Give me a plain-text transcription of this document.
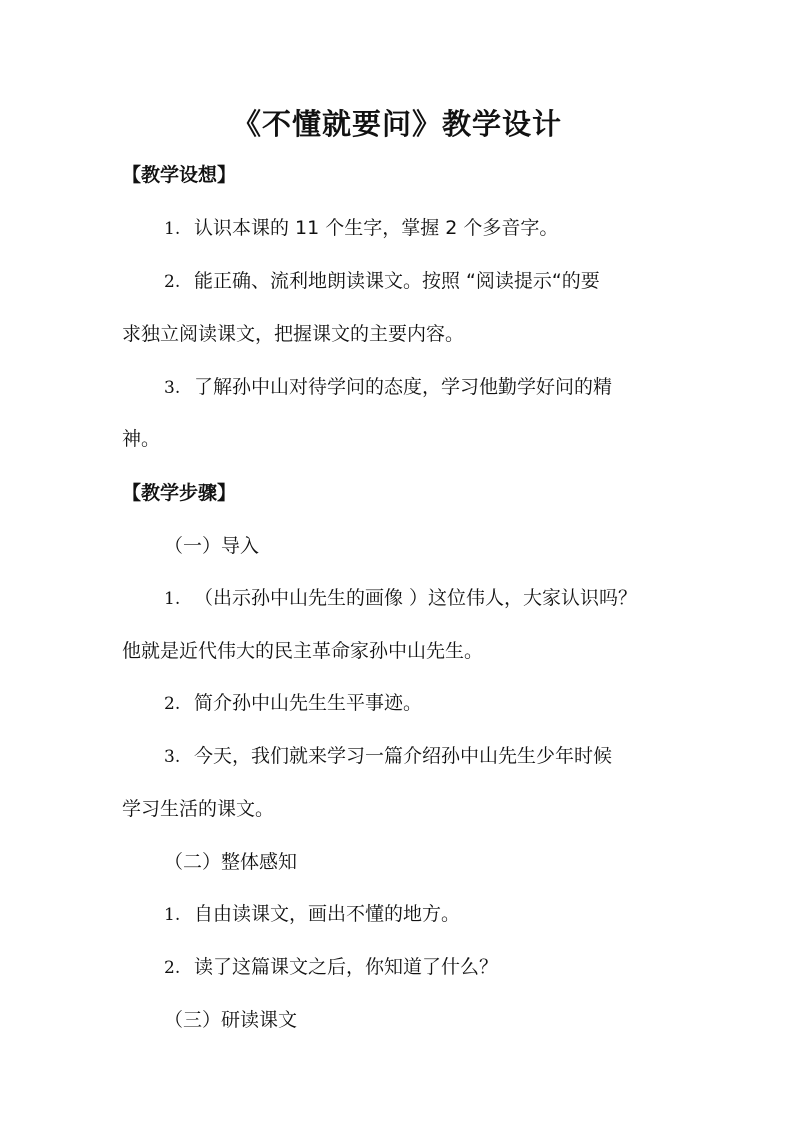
《不懂就要问》教学设计
【教学设想】
1. 认识本课的 11 个生字，掌握 2 个多音字。
2. 能正确、流利地朗读课文。按照 “阅读提示“的要
求独立阅读课文，把握课文的主要内容。
3. 了解孙中山对待学问的态度，学习他勤学好问的精
神。
【教学步骤】
（一）导入
1. （出示孙中山先生的画像 ）这位伟人，大家认识吗？
他就是近代伟大的民主革命家孙中山先生。
2. 简介孙中山先生生平事迹。
3. 今天，我们就来学习一篇介绍孙中山先生少年时候
学习生活的课文。
（二）整体感知
1. 自由读课文，画出不懂的地方。
2. 读了这篇课文之后，你知道了什么？
（三）研读课文
